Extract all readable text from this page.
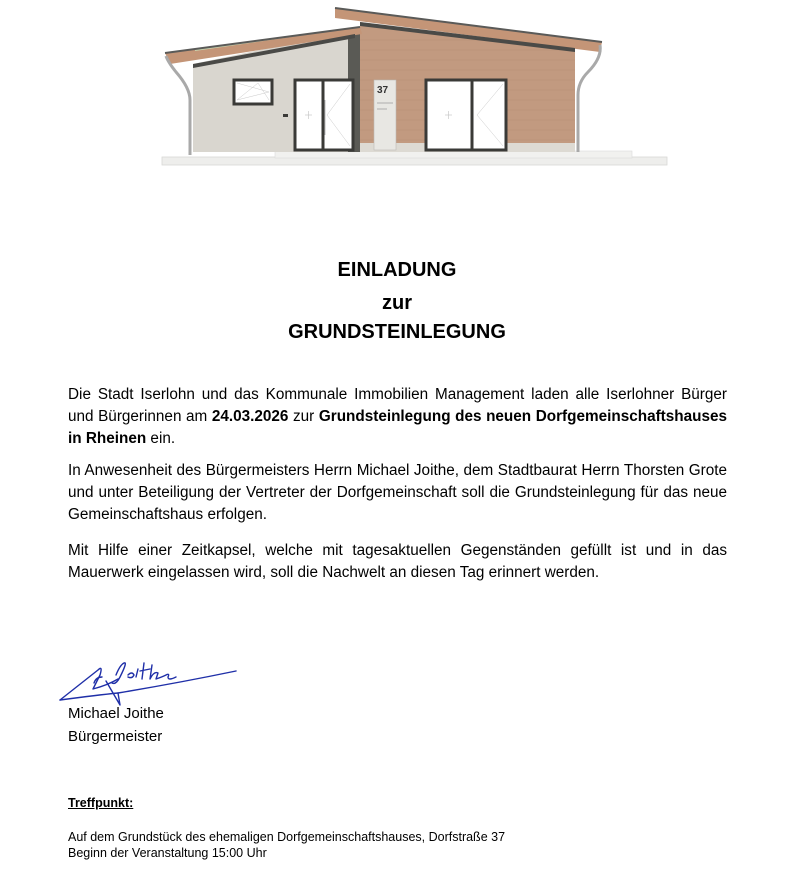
37
EINLADUNG
zur
GRUNDSTEINLEGUNG

Die Stadt Iserlohn und das Kommunale Immobilien Management laden alle Iserlohner Bürger und Bürgerinnen am 24.03.2026 zur Grundsteinlegung des neuen Dorfgemeinschaftshauses in Rheinen ein.

In Anwesenheit des Bürgermeisters Herrn Michael Joithe, dem Stadtbaurat Herrn Thorsten Grote und unter Beteiligung der Vertreter der Dorfgemeinschaft soll die Grundsteinlegung für das neue Gemeinschaftshaus erfolgen.

Mit Hilfe einer Zeitkapsel, welche mit tagesaktuellen Gegenständen gefüllt ist und in das Mauerwerk eingelassen wird, soll die Nachwelt an diesen Tag erinnert werden.

Michael Joithe
Bürgermeister
Treffpunkt:
Auf dem Grundstück des ehemaligen Dorfgemeinschaftshauses, Dorfstraße 37
Beginn der Veranstaltung 15:00 Uhr
